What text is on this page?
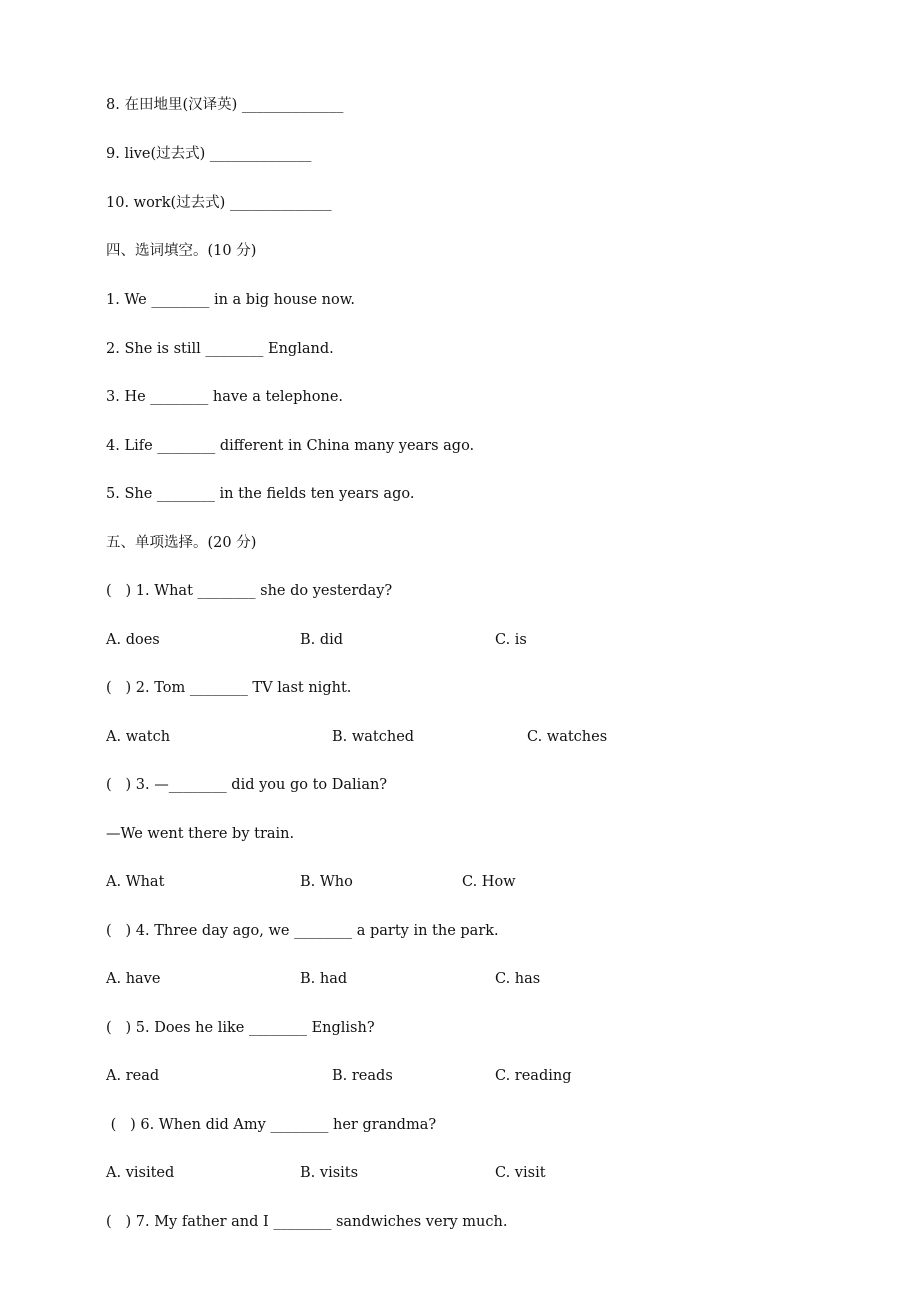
8. 在田地里(汉译英) ______________
9. live(过去式) ______________
10. work(过去式) ______________
四、选词填空。(10 分)
1. We ________ in a big house now.
2. She is still ________ England.
3. He ________ have a telephone.
4. Life ________ different in China many years ago.
5. She ________ in the fields ten years ago.
五、单项选择。(20 分)
(   ) 1. What ________ she do yesterday?

A. does

	B. did

	C. is

(   ) 2. Tom ________ TV last night.

A. watch

	B. watched

	C. watches

(   ) 3. —________ did you go to Dalian?
—We went there by train.

A. What

	B. Who

	C. How

(   ) 4. Three day ago, we ________ a party in the park.

A. have

	B. had

	C. has

(   ) 5. Does he like ________ English?

A. read

	B. reads

	C. reading

(   ) 6. When did Amy ________ her grandma?

A. visited

	B. visits

	C. visit

(   ) 7. My father and I ________ sandwiches very much.
